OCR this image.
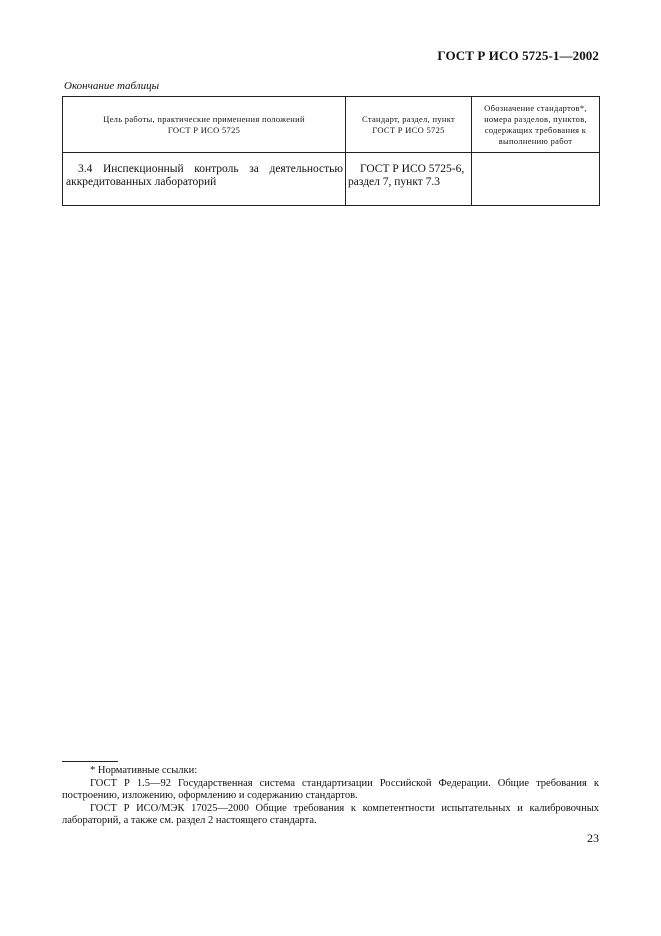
ГОСТ Р ИСО 5725-1—2002
Окончание таблицы
Цель работы, практические применения положений ГОСТ Р ИСО 5725	Стандарт, раздел, пункт ГОСТ Р ИСО 5725	Обозначение стандартов*, номера разделов, пунктов, содержащих требования к выполнению работ

3.4 Инспекционный контроль за деятельностью аккредитованных лабораторий	ГОСТ Р ИСО 5725-6, раздел 7, пункт 7.3	

* Нормативные ссылки:

ГОСТ Р 1.5—92 Государственная система стандартизации Российской Федерации. Общие требования к построению, изложению, оформлению и содержанию стандартов.

ГОСТ Р ИСО/МЭК 17025—2000 Общие требования к компетентности испытательных и калибровочных лабораторий, а также см. раздел 2 настоящего стандарта.

23
